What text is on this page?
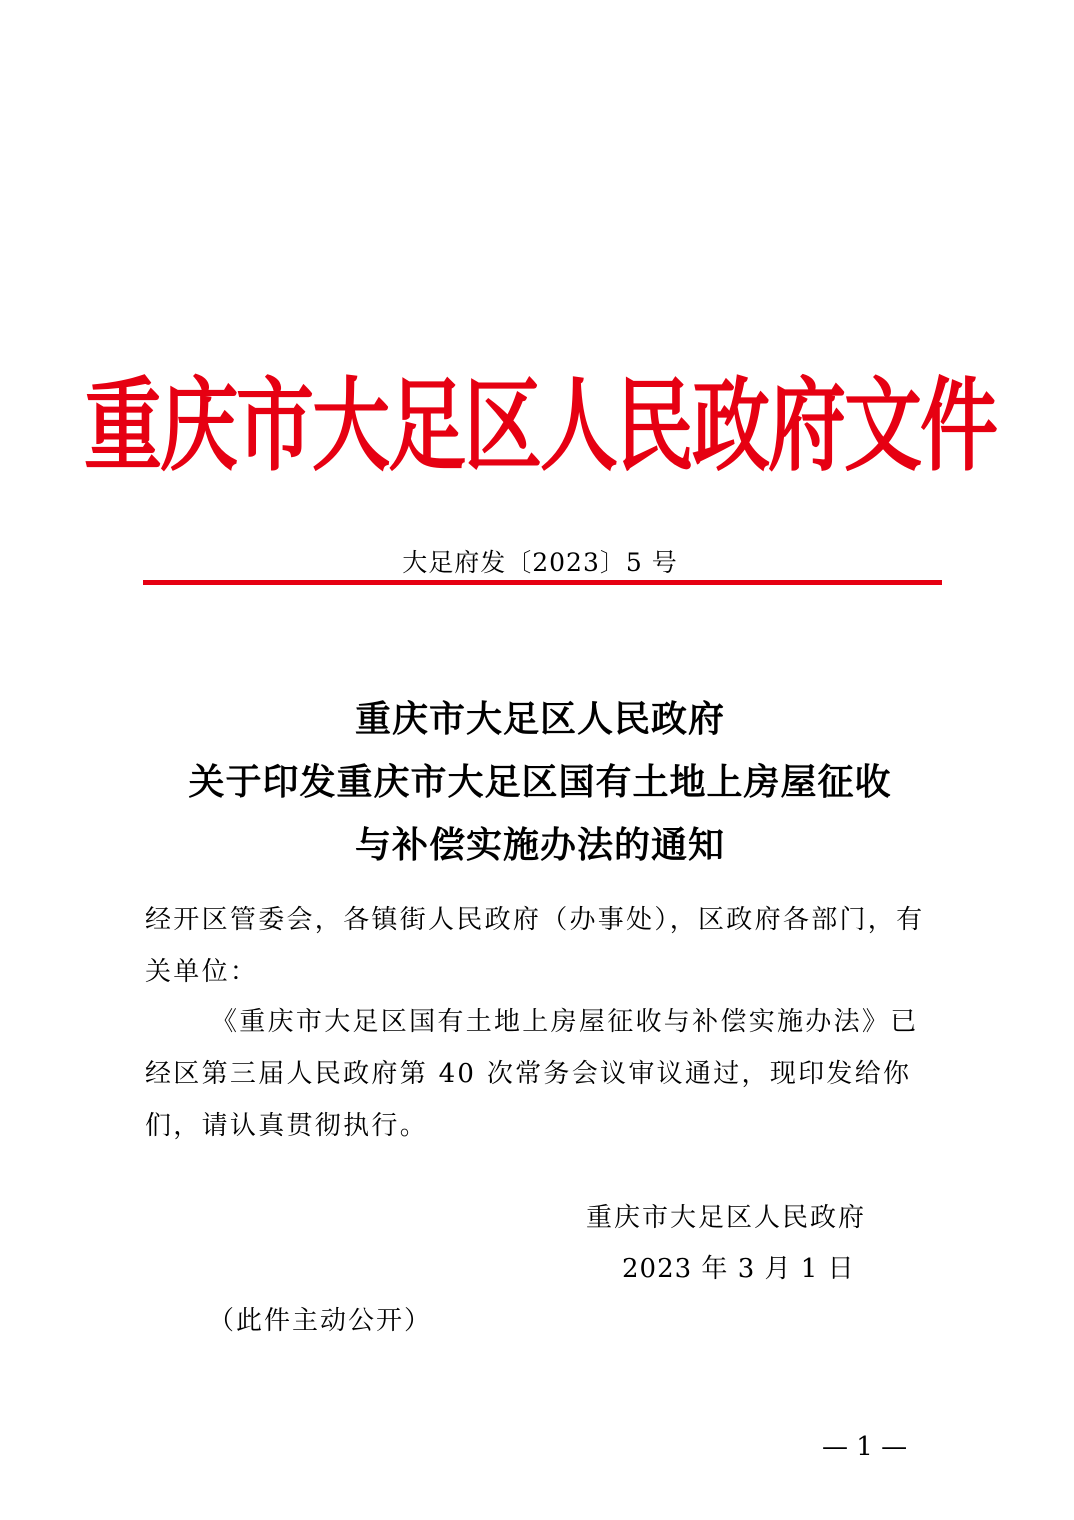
重庆市大足区人民政府文件
大足府发〔2023〕5 号
重庆市大足区人民政府
关于印发重庆市大足区国有土地上房屋征收
与补偿实施办法的通知
经开区管委会，各镇街人民政府（办事处），区政府各部门，有关单位：
《重庆市大足区国有土地上房屋征收与补偿实施办法》已经区第三届人民政府第 40 次常务会议审议通过，现印发给你们，请认真贯彻执行。
重庆市大足区人民政府
2023 年 3 月 1 日
（此件主动公开）
— 1 —
